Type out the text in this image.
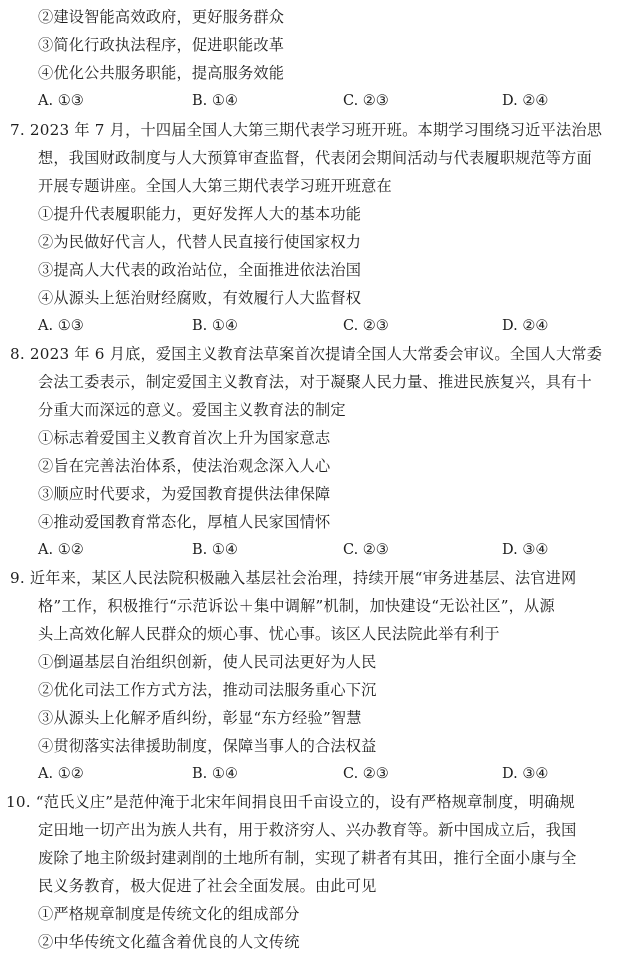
②建设智能高效政府，更好服务群众
③简化行政执法程序，促进职能改革
④优化公共服务职能，提高服务效能
A. ①③	B. ①④	C. ②③	D. ②④
7. 2023 年 7 月，十四届全国人大第三期代表学习班开班。本期学习围绕习近平法治思
想，我国财政制度与人大预算审查监督，代表闭会期间活动与代表履职规范等方面
开展专题讲座。全国人大第三期代表学习班开班意在
①提升代表履职能力，更好发挥人大的基本功能
②为民做好代言人，代替人民直接行使国家权力
③提高人大代表的政治站位，全面推进依法治国
④从源头上惩治财经腐败，有效履行人大监督权
A. ①③	B. ①④	C. ②③	D. ②④
8. 2023 年 6 月底，爱国主义教育法草案首次提请全国人大常委会审议。全国人大常委
会法工委表示，制定爱国主义教育法，对于凝聚人民力量、推进民族复兴，具有十
分重大而深远的意义。爱国主义教育法的制定
①标志着爱国主义教育首次上升为国家意志
②旨在完善法治体系，使法治观念深入人心
③顺应时代要求，为爱国教育提供法律保障
④推动爱国教育常态化，厚植人民家国情怀
A. ①②	B. ①④	C. ②③	D. ③④
9. 近年来，某区人民法院积极融入基层社会治理，持续开展“审务进基层、法官进网
格”工作，积极推行“示范诉讼＋集中调解”机制，加快建设“无讼社区”，从源
头上高效化解人民群众的烦心事、忧心事。该区人民法院此举有利于
①倒逼基层自治组织创新，使人民司法更好为人民
②优化司法工作方式方法，推动司法服务重心下沉
③从源头上化解矛盾纠纷，彰显“东方经验”智慧
④贯彻落实法律援助制度，保障当事人的合法权益
A. ①②	B. ①④	C. ②③	D. ③④
10. “范氏义庄”是范仲淹于北宋年间捐良田千亩设立的，设有严格规章制度，明确规
定田地一切产出为族人共有，用于救济穷人、兴办教育等。新中国成立后，我国
废除了地主阶级封建剥削的土地所有制，实现了耕者有其田，推行全面小康与全
民义务教育，极大促进了社会全面发展。由此可见
①严格规章制度是传统文化的组成部分
②中华传统文化蕴含着优良的人文传统
